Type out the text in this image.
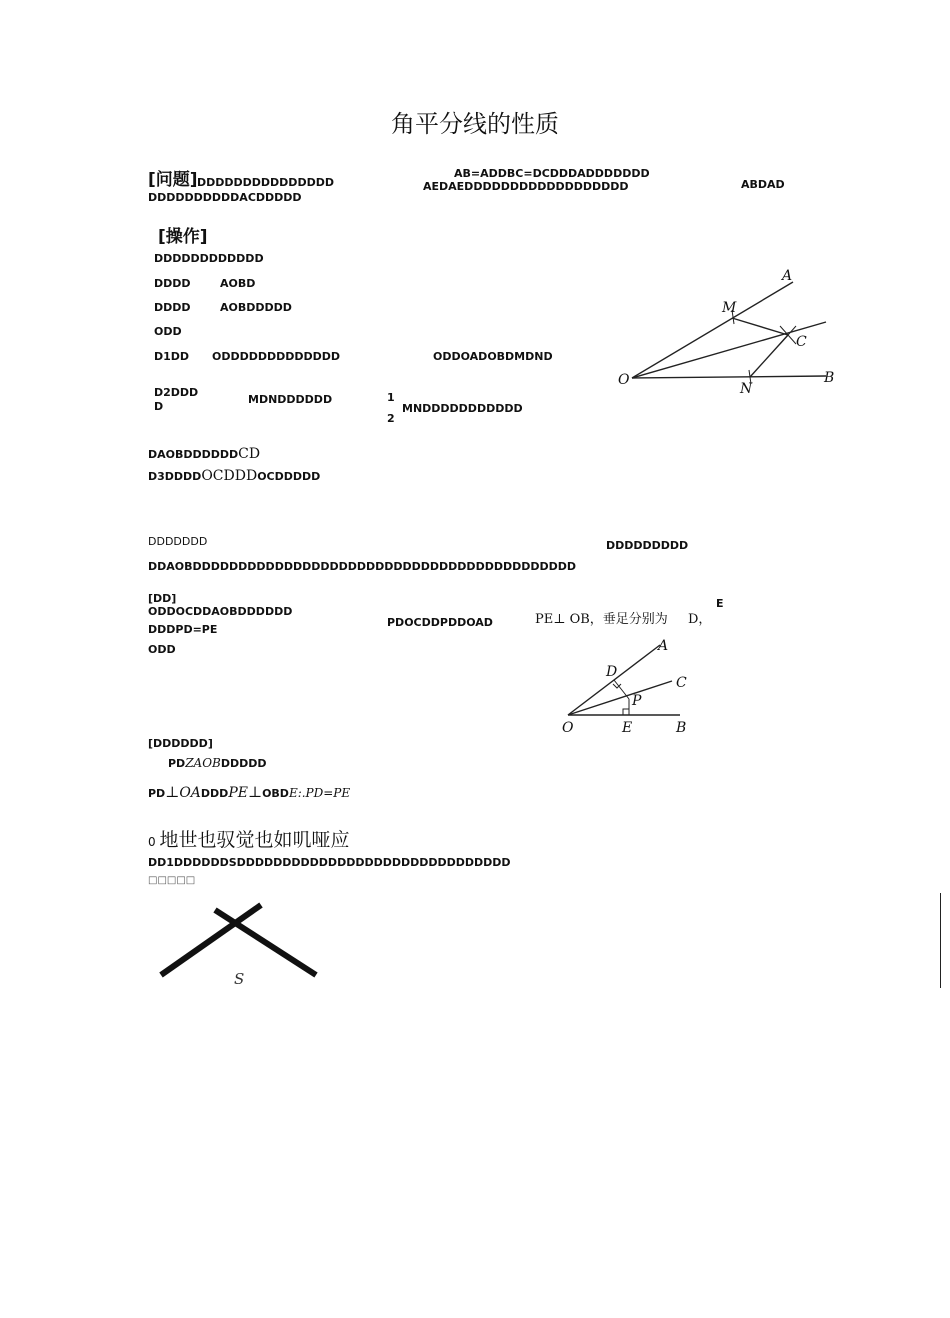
角平分线的性质
[问题] DDDDDDDDDDDDDDD
AB=ADDBC=DCDDDADDDDDDD
ABDAD
DDDDDDDDDDACDDDDD
AEDAEDDDDDDDDDDDDDDDDDD
[操作]
DDDDDDDDDDDD
DDDD	AOBD
DDDD	AOBDDDDD
ODD
D1DD ODDDDDDDDDDDDD	ODDOADOBDMDND
D2DDD
D
MDNDDDDDD	1
2
MNDDDDDDDDDDD
DAOBDDDDDDCD
D3DDDDOCDDDOCDDDDD
A
M
C
O
N
B
DDDDDDD	DDDDDDDDD
DDAOBDDDDDDDDDDDDDDDDDDDDDDDDDDDDDDDDDDDDDDDDDD
[DD]
ODDOCDDAOBDDDDDD
PDOCDDPDDOAD	PE⊥ OB，垂足分别为 D，
E
DDDPD=PE
ODD	A
D
C
P
O	E	B
[DDDDDD]
PDZAOBDDDDD
PD⊥OADDDPE⊥OBDE:.PD=PE
0 地世也驭觉也如叽哑应
DD1DDDDDDSDDDDDDDDDDDDDDDDDDDDDDDDDDDDDD
□□□□□
S
